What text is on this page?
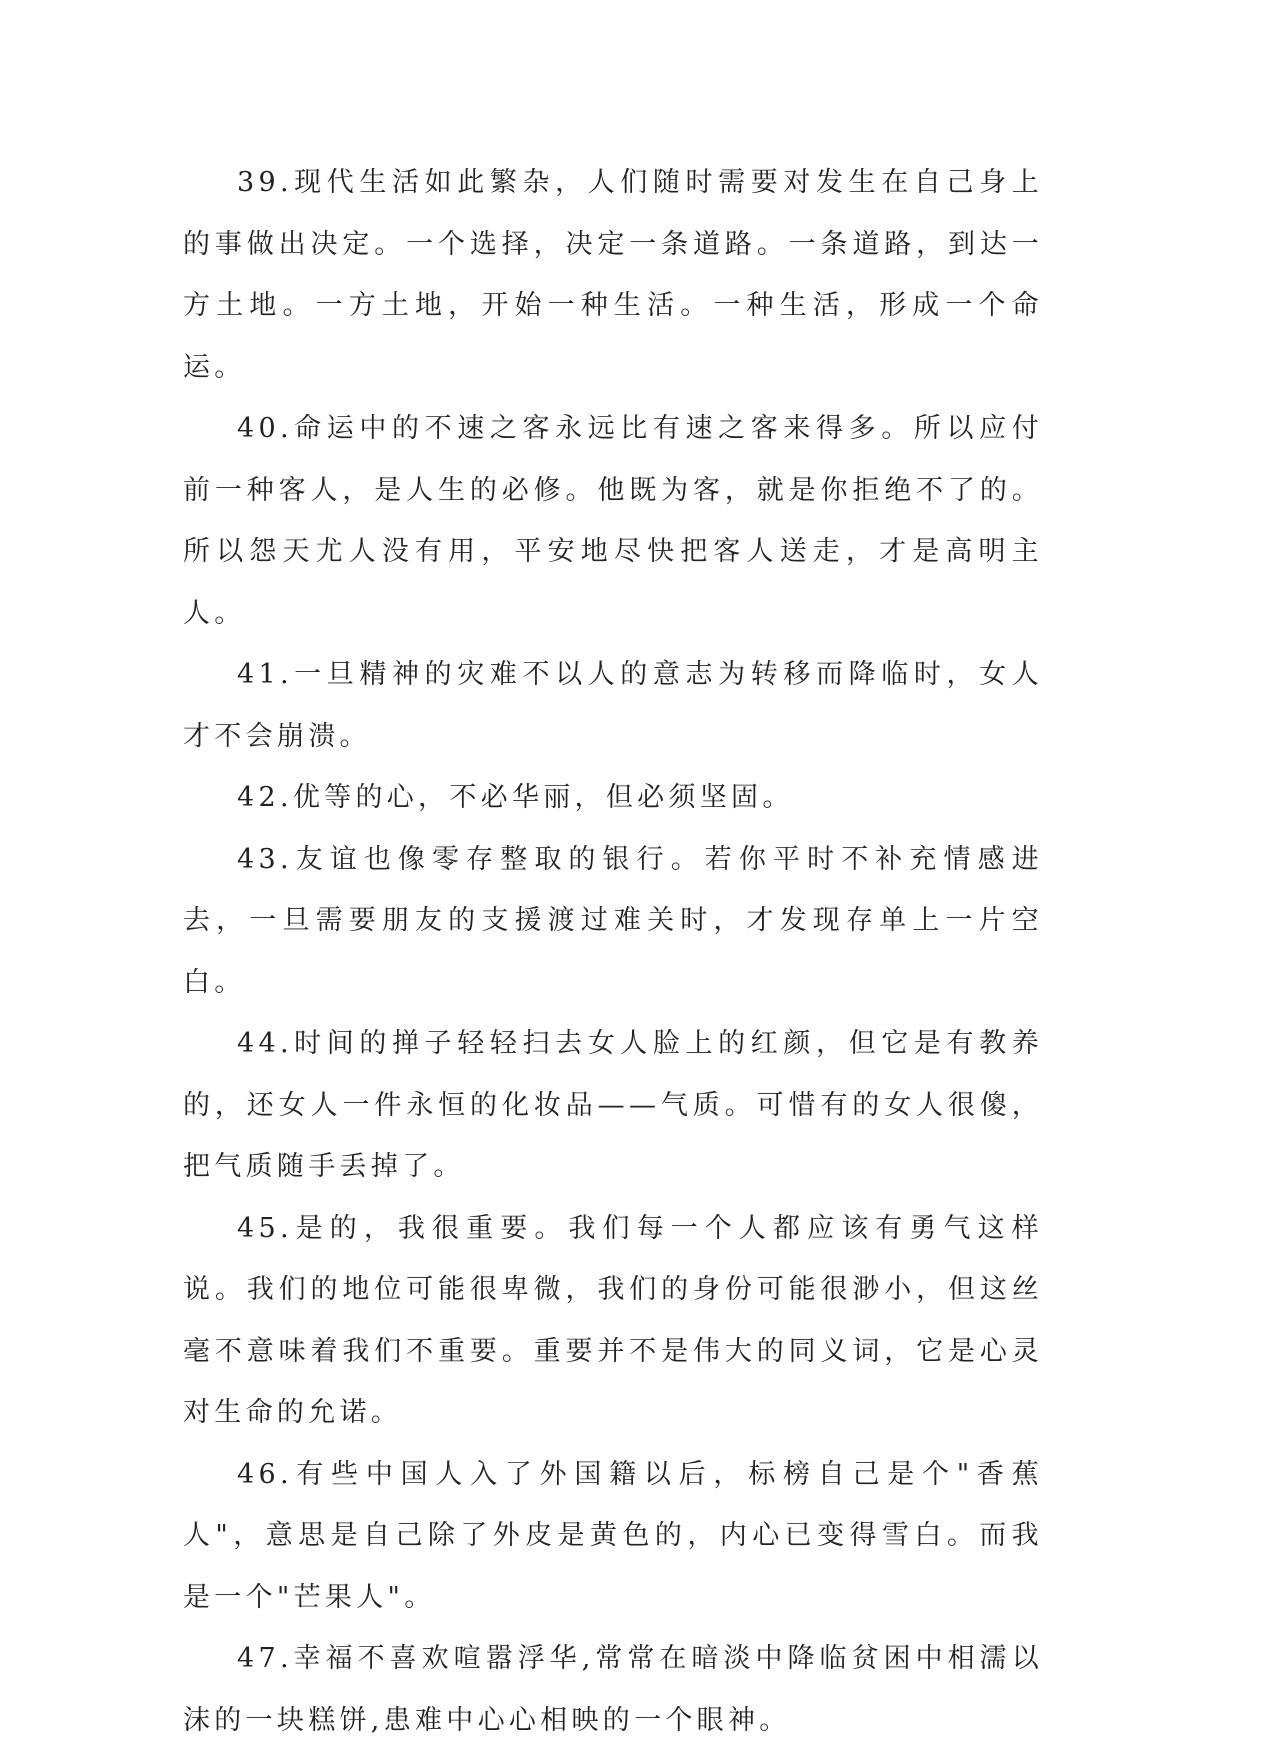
39.现代生活如此繁杂，人们随时需要对发生在自己身上的事做出决定。一个选择，决定一条道路。一条道路，到达一方土地。一方土地，开始一种生活。一种生活，形成一个命运。

40.命运中的不速之客永远比有速之客来得多。所以应付前一种客人，是人生的必修。他既为客，就是你拒绝不了的。所以怨天尤人没有用，平安地尽快把客人送走，才是高明主人。

41.一旦精神的灾难不以人的意志为转移而降临时，女人才不会崩溃。

42.优等的心，不必华丽，但必须坚固。

43.友谊也像零存整取的银行。若你平时不补充情感进去，一旦需要朋友的支援渡过难关时，才发现存单上一片空白。

44.时间的掸子轻轻扫去女人脸上的红颜，但它是有教养的，还女人一件永恒的化妆品——气质。可惜有的女人很傻，把气质随手丢掉了。

45.是的，我很重要。我们每一个人都应该有勇气这样说。我们的地位可能很卑微，我们的身份可能很渺小，但这丝毫不意味着我们不重要。重要并不是伟大的同义词，它是心灵对生命的允诺。

46.有些中国人入了外国籍以后，标榜自己是个"香蕉人"，意思是自己除了外皮是黄色的，内心已变得雪白。而我是一个"芒果人"。

47.幸福不喜欢喧嚣浮华,常常在暗淡中降临贫困中相濡以沫的一块糕饼,患难中心心相映的一个眼神。
